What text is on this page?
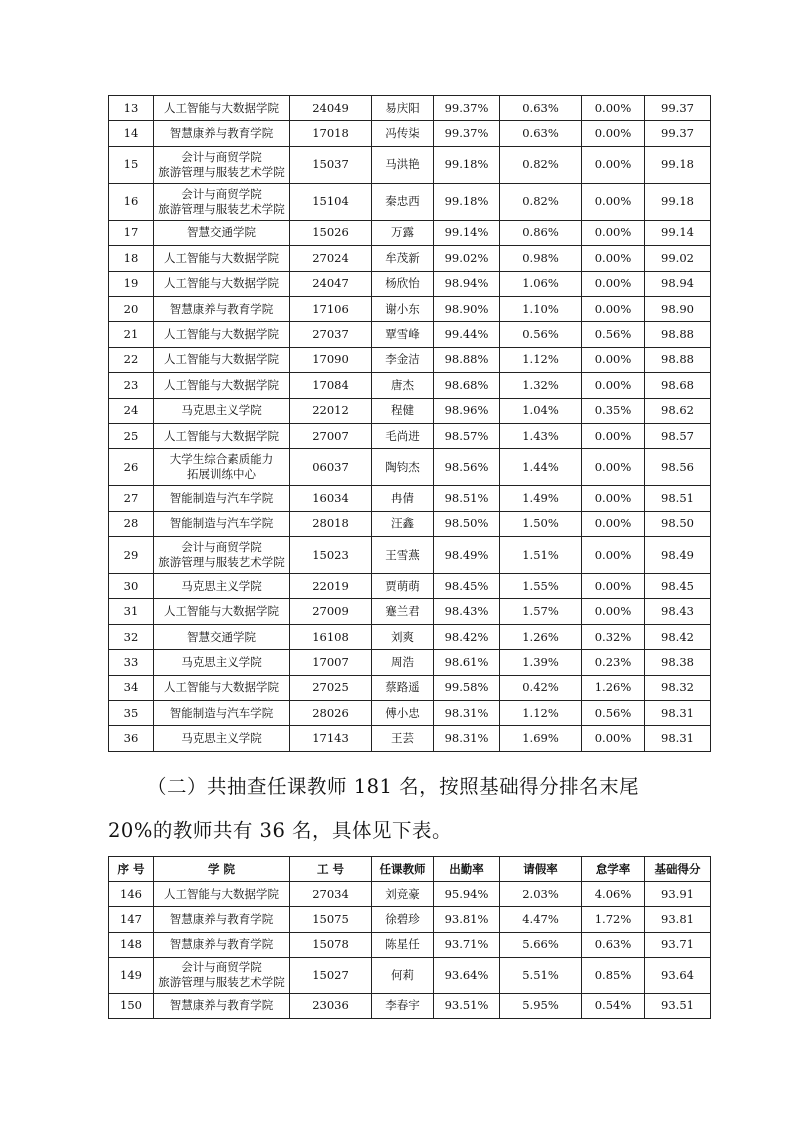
13	人工智能与大数据学院	24049	易庆阳	99.37%	0.63%	0.00%	99.37
14	智慧康养与教育学院	17018	冯传柒	99.37%	0.63%	0.00%	99.37
15	会计与商贸学院
旅游管理与服装艺术学院	15037	马洪艳	99.18%	0.82%	0.00%	99.18
16	会计与商贸学院
旅游管理与服装艺术学院	15104	秦忠西	99.18%	0.82%	0.00%	99.18
17	智慧交通学院	15026	万露	99.14%	0.86%	0.00%	99.14
18	人工智能与大数据学院	27024	牟茂新	99.02%	0.98%	0.00%	99.02
19	人工智能与大数据学院	24047	杨欣怡	98.94%	1.06%	0.00%	98.94
20	智慧康养与教育学院	17106	谢小东	98.90%	1.10%	0.00%	98.90
21	人工智能与大数据学院	27037	覃雪峰	99.44%	0.56%	0.56%	98.88
22	人工智能与大数据学院	17090	李金洁	98.88%	1.12%	0.00%	98.88
23	人工智能与大数据学院	17084	唐杰	98.68%	1.32%	0.00%	98.68
24	马克思主义学院	22012	程健	98.96%	1.04%	0.35%	98.62
25	人工智能与大数据学院	27007	毛尚进	98.57%	1.43%	0.00%	98.57
26	大学生综合素质能力
拓展训练中心	06037	陶钧杰	98.56%	1.44%	0.00%	98.56
27	智能制造与汽车学院	16034	冉倩	98.51%	1.49%	0.00%	98.51
28	智能制造与汽车学院	28018	汪鑫	98.50%	1.50%	0.00%	98.50
29	会计与商贸学院
旅游管理与服装艺术学院	15023	王雪燕	98.49%	1.51%	0.00%	98.49
30	马克思主义学院	22019	贾萌萌	98.45%	1.55%	0.00%	98.45
31	人工智能与大数据学院	27009	蹇兰君	98.43%	1.57%	0.00%	98.43
32	智慧交通学院	16108	刘爽	98.42%	1.26%	0.32%	98.42
33	马克思主义学院	17007	周浩	98.61%	1.39%	0.23%	98.38
34	人工智能与大数据学院	27025	蔡路遥	99.58%	0.42%	1.26%	98.32
35	智能制造与汽车学院	28026	傅小忠	98.31%	1.12%	0.56%	98.31
36	马克思主义学院	17143	王芸	98.31%	1.69%	0.00%	98.31
（二）共抽查任课教师 181 名，按照基础得分排名末尾
20%的教师共有 36 名，具体见下表。
序 号	学 院	工 号	任课教师	出勤率	请假率	怠学率	基础得分
146	人工智能与大数据学院	27034	刘竞豪	95.94%	2.03%	4.06%	93.91
147	智慧康养与教育学院	15075	徐碧珍	93.81%	4.47%	1.72%	93.81
148	智慧康养与教育学院	15078	陈星任	93.71%	5.66%	0.63%	93.71
149	会计与商贸学院
旅游管理与服装艺术学院	15027	何莉	93.64%	5.51%	0.85%	93.64
150	智慧康养与教育学院	23036	李春宇	93.51%	5.95%	0.54%	93.51
